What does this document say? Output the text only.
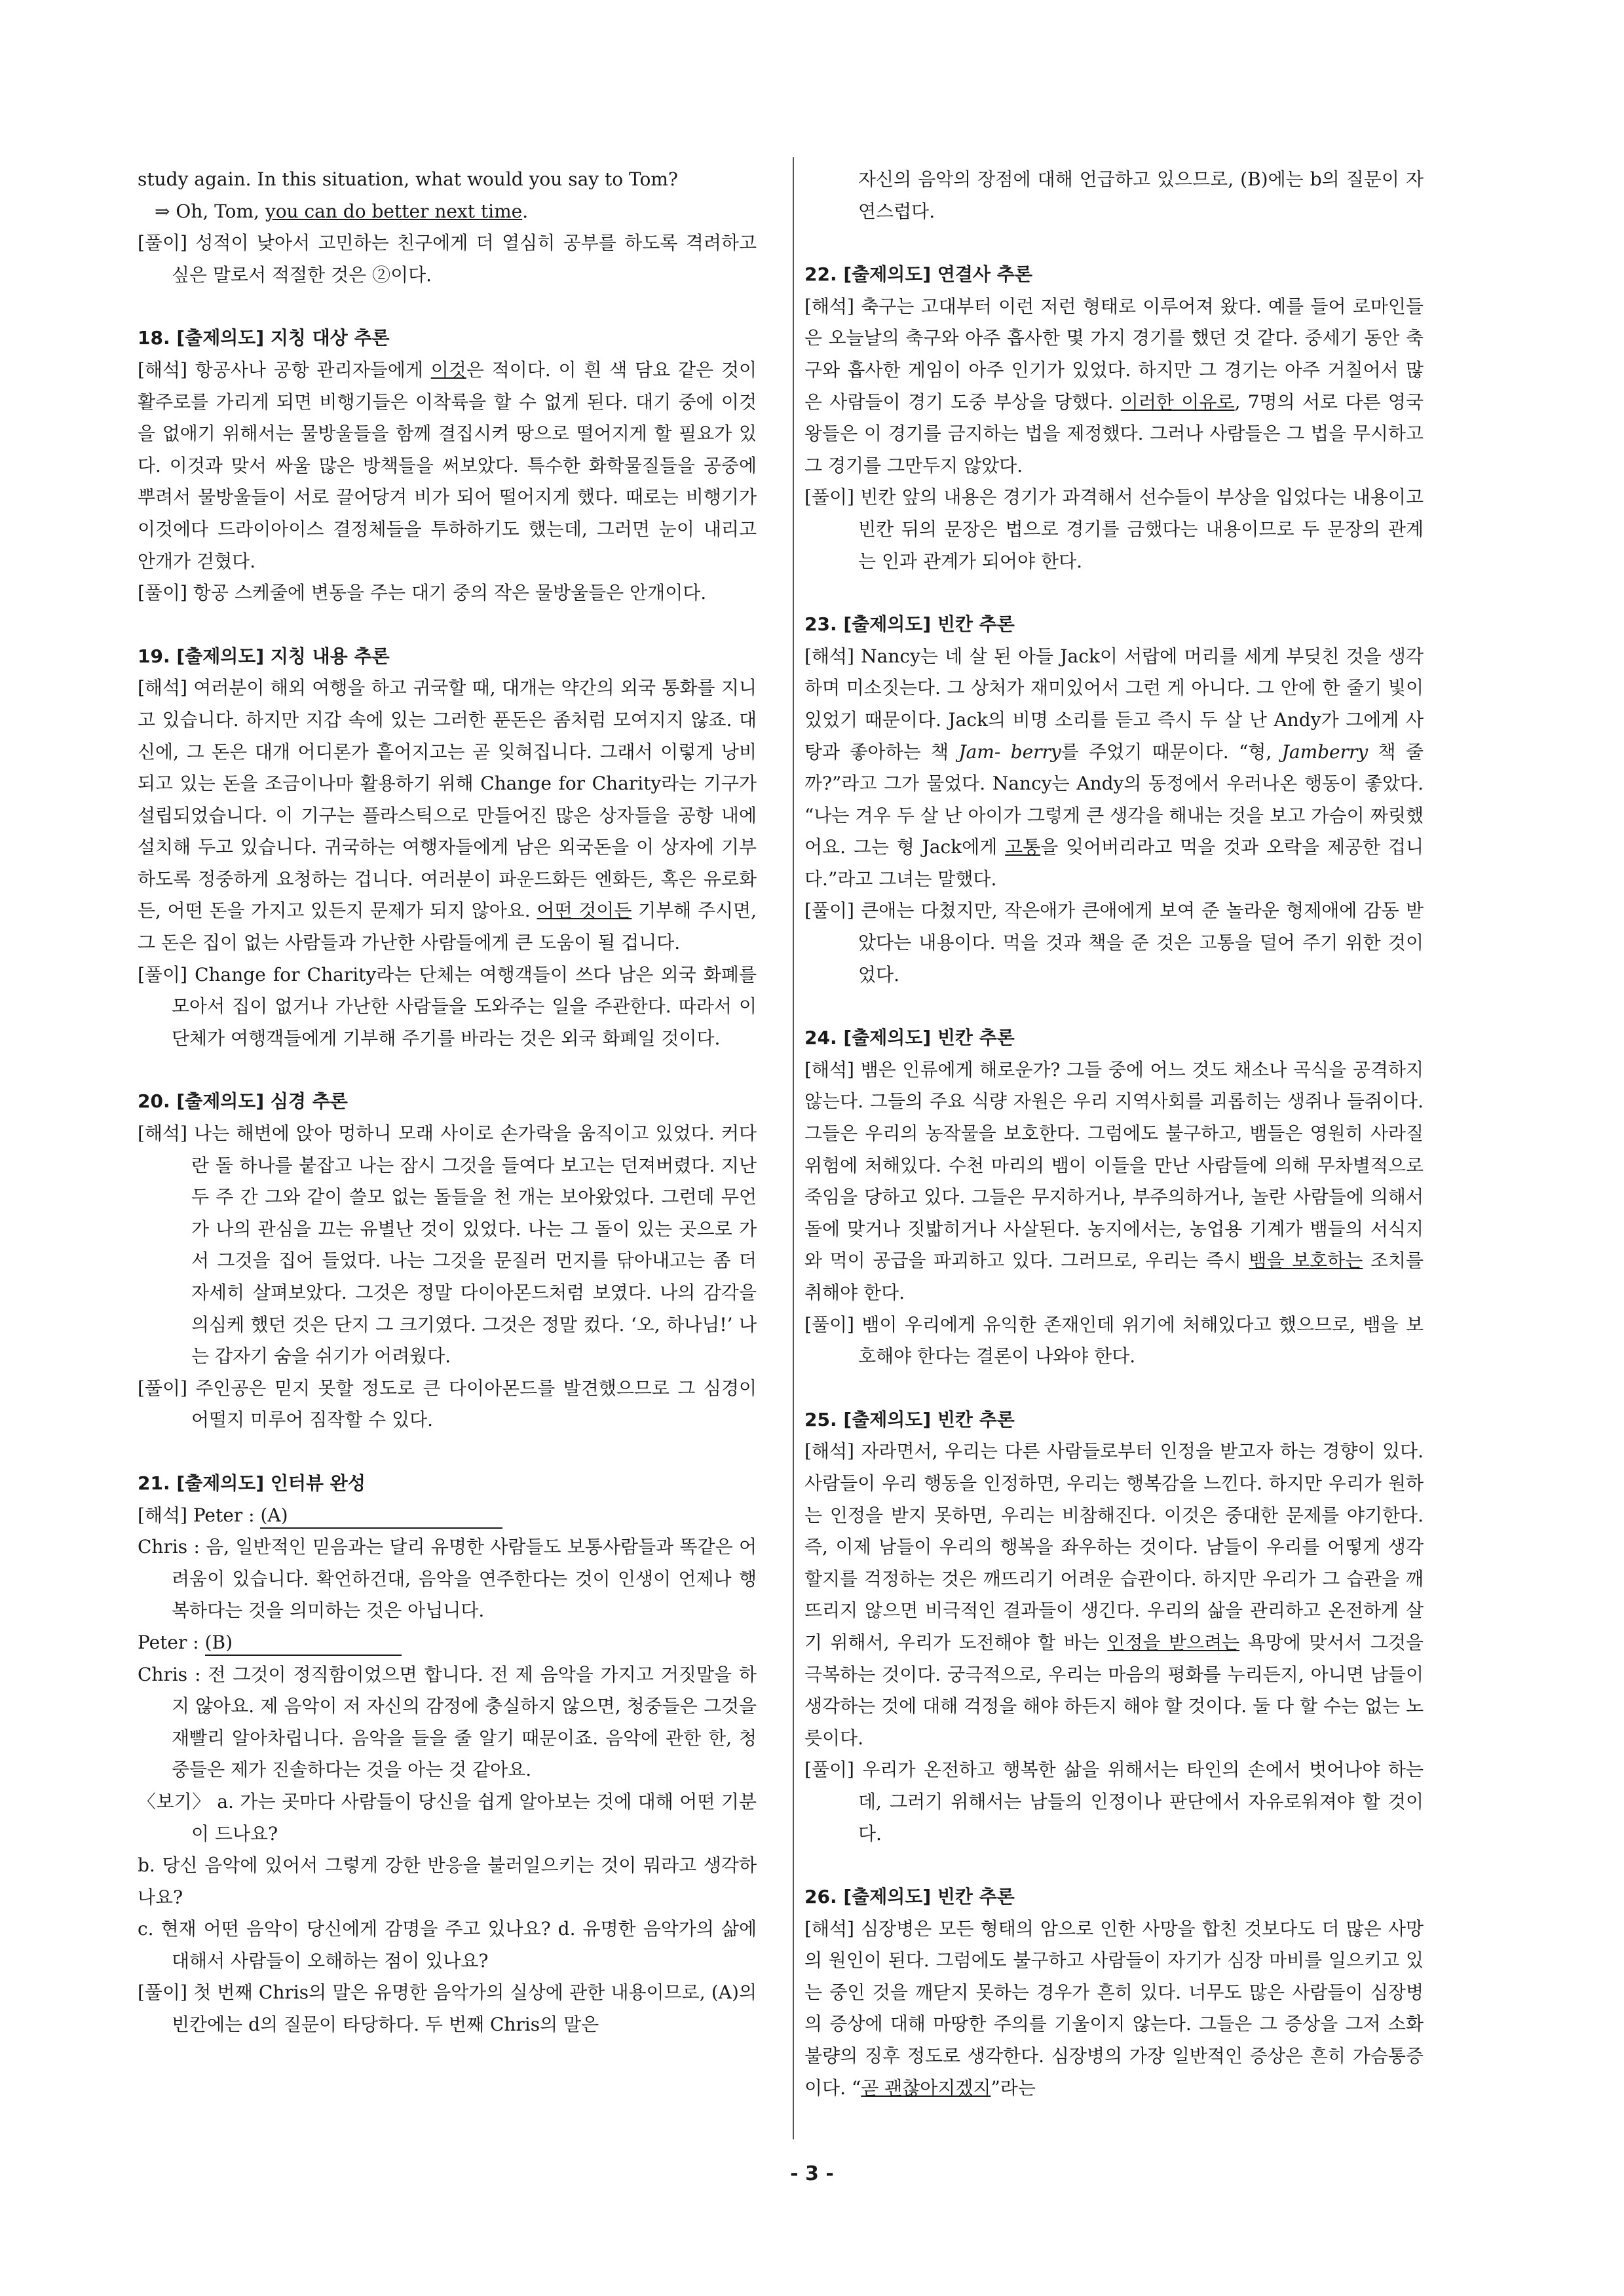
study again. In this situation, what would you say to Tom?
⇒ Oh, Tom, you can do better next time.
[풀이] 성적이 낮아서 고민하는 친구에게 더 열심히 공부를 하도록 격려하고 싶은 말로서 적절한 것은 ②이다.
18. [출제의도] 지칭 대상 추론
[해석] 항공사나 공항 관리자들에게 이것은 적이다. 이 흰 색 담요 같은 것이 활주로를 가리게 되면 비행기들은 이착륙을 할 수 없게 된다. 대기 중에 이것을 없애기 위해서는 물방울들을 함께 결집시켜 땅으로 떨어지게 할 필요가 있다. 이것과 맞서 싸울 많은 방책들을 써보았다. 특수한 화학물질들을 공중에 뿌려서 물방울들이 서로 끌어당겨 비가 되어 떨어지게 했다. 때로는 비행기가 이것에다 드라이아이스 결정체들을 투하하기도 했는데, 그러면 눈이 내리고 안개가 걷혔다.
[풀이] 항공 스케줄에 변동을 주는 대기 중의 작은 물방울들은 안개이다.
19. [출제의도] 지칭 내용 추론
[해석] 여러분이 해외 여행을 하고 귀국할 때, 대개는 약간의 외국 통화를 지니고 있습니다. 하지만 지갑 속에 있는 그러한 푼돈은 좀처럼 모여지지 않죠. 대신에, 그 돈은 대개 어디론가 흩어지고는 곧 잊혀집니다. 그래서 이렇게 낭비되고 있는 돈을 조금이나마 활용하기 위해 Change for Charity라는 기구가 설립되었습니다. 이 기구는 플라스틱으로 만들어진 많은 상자들을 공항 내에 설치해 두고 있습니다. 귀국하는 여행자들에게 남은 외국돈을 이 상자에 기부하도록 정중하게 요청하는 겁니다. 여러분이 파운드화든 엔화든, 혹은 유로화든, 어떤 돈을 가지고 있든지 문제가 되지 않아요. 어떤 것이든 기부해 주시면, 그 돈은 집이 없는 사람들과 가난한 사람들에게 큰 도움이 될 겁니다.
[풀이] Change for Charity라는 단체는 여행객들이 쓰다 남은 외국 화폐를 모아서 집이 없거나 가난한 사람들을 도와주는 일을 주관한다. 따라서 이 단체가 여행객들에게 기부해 주기를 바라는 것은 외국 화폐일 것이다.
20. [출제의도] 심경 추론
[해석] 나는 해변에 앉아 멍하니 모래 사이로 손가락을 움직이고 있었다. 커다란 돌 하나를 붙잡고 나는 잠시 그것을 들여다 보고는 던져버렸다. 지난 두 주 간 그와 같이 쓸모 없는 돌들을 천 개는 보아왔었다. 그런데 무언가 나의 관심을 끄는 유별난 것이 있었다. 나는 그 돌이 있는 곳으로 가서 그것을 집어 들었다. 나는 그것을 문질러 먼지를 닦아내고는 좀 더 자세히 살펴보았다. 그것은 정말 다이아몬드처럼 보였다. 나의 감각을 의심케 했던 것은 단지 그 크기였다. 그것은 정말 컸다. ‘오, 하나님!’ 나는 갑자기 숨을 쉬기가 어려웠다.
[풀이] 주인공은 믿지 못할 정도로 큰 다이아몬드를 발견했으므로 그 심경이 어떨지 미루어 짐작할 수 있다.
21. [출제의도] 인터뷰 완성
[해석] Peter : (A)
Chris : 음, 일반적인 믿음과는 달리 유명한 사람들도 보통사람들과 똑같은 어려움이 있습니다. 확언하건대, 음악을 연주한다는 것이 인생이 언제나 행복하다는 것을 의미하는 것은 아닙니다.
Peter : (B)
Chris : 전 그것이 정직함이었으면 합니다. 전 제 음악을 가지고 거짓말을 하지 않아요. 제 음악이 저 자신의 감정에 충실하지 않으면, 청중들은 그것을 재빨리 알아차립니다. 음악을 들을 줄 알기 때문이죠. 음악에 관한 한, 청중들은 제가 진솔하다는 것을 아는 것 같아요.
〈보기〉 a. 가는 곳마다 사람들이 당신을 쉽게 알아보는 것에 대해 어떤 기분이 드나요?
b. 당신 음악에 있어서 그렇게 강한 반응을 불러일으키는 것이 뭐라고 생각하나요?
c. 현재 어떤 음악이 당신에게 감명을 주고 있나요? d. 유명한 음악가의 삶에 대해서 사람들이 오해하는 점이 있나요?
[풀이] 첫 번째 Chris의 말은 유명한 음악가의 실상에 관한 내용이므로, (A)의 빈칸에는 d의 질문이 타당하다. 두 번째 Chris의 말은
자신의 음악의 장점에 대해 언급하고 있으므로, (B)에는 b의 질문이 자연스럽다.
22. [출제의도] 연결사 추론
[해석] 축구는 고대부터 이런 저런 형태로 이루어져 왔다. 예를 들어 로마인들은 오늘날의 축구와 아주 흡사한 몇 가지 경기를 했던 것 같다. 중세기 동안 축구와 흡사한 게임이 아주 인기가 있었다. 하지만 그 경기는 아주 거칠어서 많은 사람들이 경기 도중 부상을 당했다. 이러한 이유로, 7명의 서로 다른 영국 왕들은 이 경기를 금지하는 법을 제정했다. 그러나 사람들은 그 법을 무시하고 그 경기를 그만두지 않았다.
[풀이] 빈칸 앞의 내용은 경기가 과격해서 선수들이 부상을 입었다는 내용이고 빈칸 뒤의 문장은 법으로 경기를 금했다는 내용이므로 두 문장의 관계는 인과 관계가 되어야 한다.
23. [출제의도] 빈칸 추론
[해석] Nancy는 네 살 된 아들 Jack이 서랍에 머리를 세게 부딪친 것을 생각하며 미소짓는다. 그 상처가 재미있어서 그런 게 아니다. 그 안에 한 줄기 빛이 있었기 때문이다. Jack의 비명 소리를 듣고 즉시 두 살 난 Andy가 그에게 사탕과 좋아하는 책 Jam- berry를 주었기 때문이다. “형, Jamberry 책 줄까?”라고 그가 물었다. Nancy는 Andy의 동정에서 우러나온 행동이 좋았다. “나는 겨우 두 살 난 아이가 그렇게 큰 생각을 해내는 것을 보고 가슴이 짜릿했어요. 그는 형 Jack에게 고통을 잊어버리라고 먹을 것과 오락을 제공한 겁니다.”라고 그녀는 말했다.
[풀이] 큰애는 다쳤지만, 작은애가 큰애에게 보여 준 놀라운 형제애에 감동 받았다는 내용이다. 먹을 것과 책을 준 것은 고통을 덜어 주기 위한 것이었다.
24. [출제의도] 빈칸 추론
[해석] 뱀은 인류에게 해로운가? 그들 중에 어느 것도 채소나 곡식을 공격하지 않는다. 그들의 주요 식량 자원은 우리 지역사회를 괴롭히는 생쥐나 들쥐이다. 그들은 우리의 농작물을 보호한다. 그럼에도 불구하고, 뱀들은 영원히 사라질 위험에 처해있다. 수천 마리의 뱀이 이들을 만난 사람들에 의해 무차별적으로 죽임을 당하고 있다. 그들은 무지하거나, 부주의하거나, 놀란 사람들에 의해서 돌에 맞거나 짓밟히거나 사살된다. 농지에서는, 농업용 기계가 뱀들의 서식지와 먹이 공급을 파괴하고 있다. 그러므로, 우리는 즉시 뱀을 보호하는 조치를 취해야 한다.
[풀이] 뱀이 우리에게 유익한 존재인데 위기에 처해있다고 했으므로, 뱀을 보호해야 한다는 결론이 나와야 한다.
25. [출제의도] 빈칸 추론
[해석] 자라면서, 우리는 다른 사람들로부터 인정을 받고자 하는 경향이 있다. 사람들이 우리 행동을 인정하면, 우리는 행복감을 느낀다. 하지만 우리가 원하는 인정을 받지 못하면, 우리는 비참해진다. 이것은 중대한 문제를 야기한다. 즉, 이제 남들이 우리의 행복을 좌우하는 것이다. 남들이 우리를 어떻게 생각할지를 걱정하는 것은 깨뜨리기 어려운 습관이다. 하지만 우리가 그 습관을 깨뜨리지 않으면 비극적인 결과들이 생긴다. 우리의 삶을 관리하고 온전하게 살기 위해서, 우리가 도전해야 할 바는 인정을 받으려는 욕망에 맞서서 그것을 극복하는 것이다. 궁극적으로, 우리는 마음의 평화를 누리든지, 아니면 남들이 생각하는 것에 대해 걱정을 해야 하든지 해야 할 것이다. 둘 다 할 수는 없는 노릇이다.
[풀이] 우리가 온전하고 행복한 삶을 위해서는 타인의 손에서 벗어나야 하는데, 그러기 위해서는 남들의 인정이나 판단에서 자유로워져야 할 것이다.
26. [출제의도] 빈칸 추론
[해석] 심장병은 모든 형태의 암으로 인한 사망을 합친 것보다도 더 많은 사망의 원인이 된다. 그럼에도 불구하고 사람들이 자기가 심장 마비를 일으키고 있는 중인 것을 깨닫지 못하는 경우가 흔히 있다. 너무도 많은 사람들이 심장병의 증상에 대해 마땅한 주의를 기울이지 않는다. 그들은 그 증상을 그저 소화불량의 징후 정도로 생각한다. 심장병의 가장 일반적인 증상은 흔히 가슴통증이다. “곧 괜찮아지겠지”라는
- 3 -
